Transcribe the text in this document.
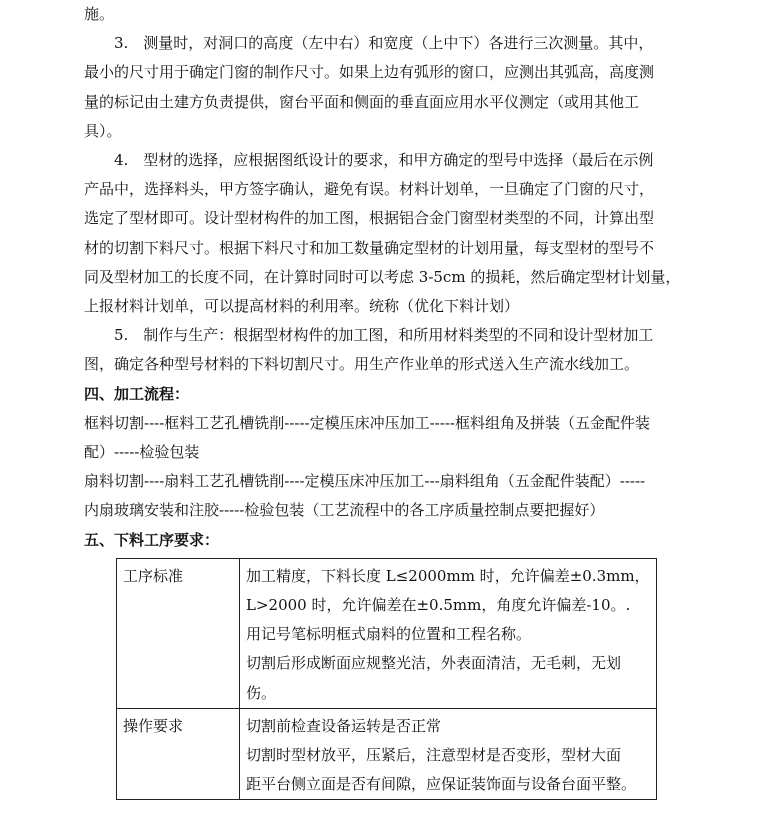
施。
3.　测量时，对洞口的高度（左中右）和宽度（上中下）各进行三次测量。其中，
最小的尺寸用于确定门窗的制作尺寸。如果上边有弧形的窗口，应测出其弧高，高度测
量的标记由土建方负责提供，窗台平面和侧面的垂直面应用水平仪测定（或用其他工
具）。
4.　型材的选择，应根据图纸设计的要求，和甲方确定的型号中选择（最后在示例
产品中，选择料头，甲方签字确认，避免有误。材料计划单，一旦确定了门窗的尺寸，
选定了型材即可。设计型材构件的加工图，根据铝合金门窗型材类型的不同，计算出型
材的切割下料尺寸。根据下料尺寸和加工数量确定型材的计划用量，每支型材的型号不
同及型材加工的长度不同，在计算时同时可以考虑 3-5cm 的损耗，然后确定型材计划量，
上报材料计划单，可以提高材料的利用率。统称（优化下料计划）
5.　制作与生产：根据型材构件的加工图，和所用材料类型的不同和设计型材加工
图，确定各种型号材料的下料切割尺寸。用生产作业单的形式送入生产流水线加工。
四、加工流程：
框料切割----框料工艺孔槽铣削-----定模压床冲压加工-----框料组角及拼装（五金配件装
配）-----检验包装
扇料切割----扇料工艺孔槽铣削----定模压床冲压加工---扇料组角（五金配件装配）-----
内扇玻璃安装和注胶-----检验包装（工艺流程中的各工序质量控制点要把握好）
五、下料工序要求：
工序标准	加工精度，下料长度 L≤2000mm 时，允许偏差±0.3mm，
L>2000 时，允许偏差在±0.5mm，角度允许偏差-10。.
用记号笔标明框式扇料的位置和工程名称。
切割后形成断面应规整光洁，外表面清洁，无毛刺，无划
伤。

操作要求	切割前检查设备运转是否正常
切割时型材放平，压紧后，注意型材是否变形，型材大面
距平台侧立面是否有间隙，应保证装饰面与设备台面平整。
